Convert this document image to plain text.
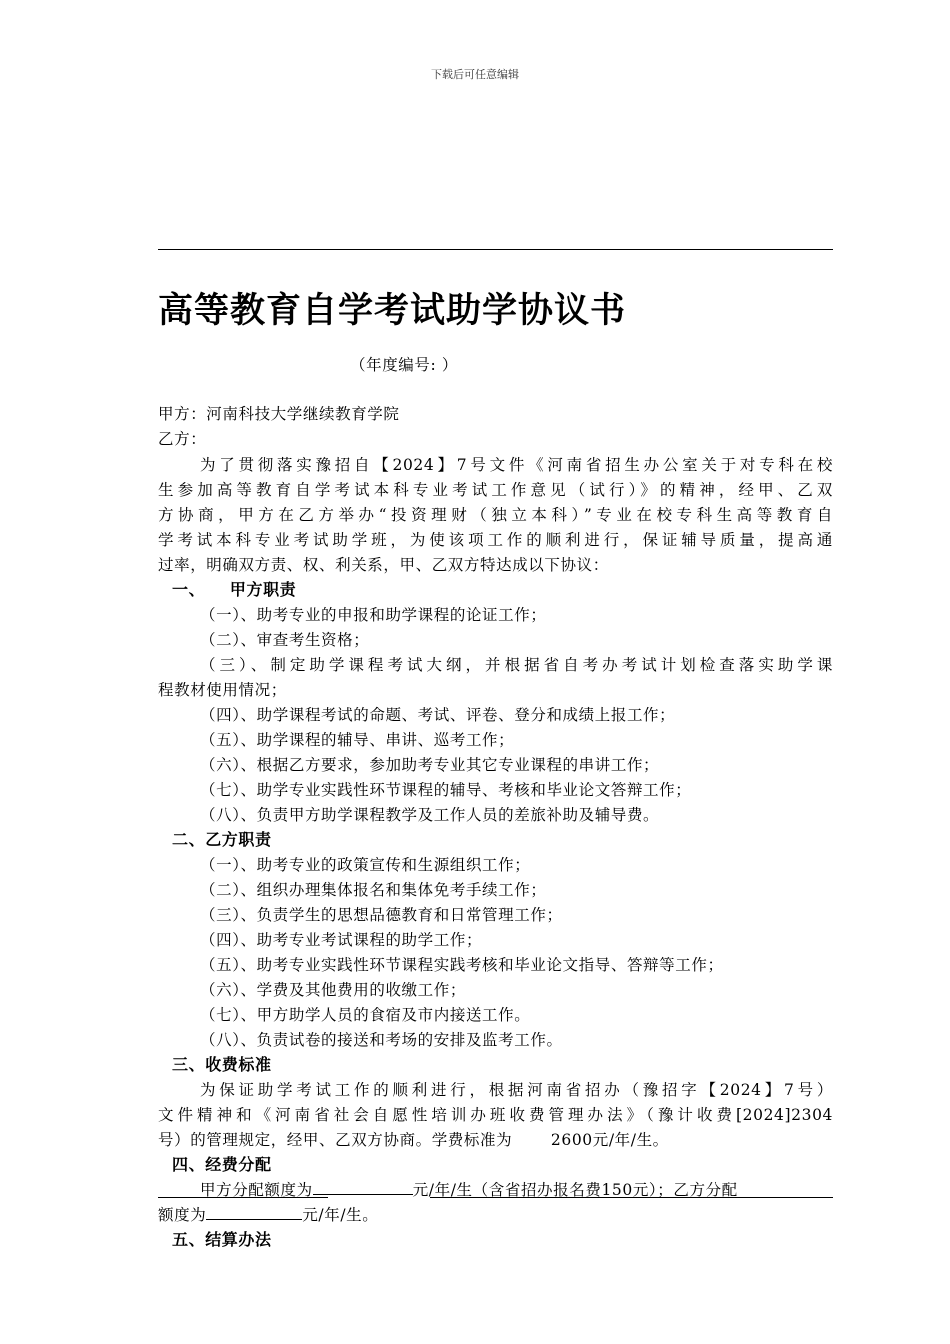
下载后可任意编辑
高等教育自学考试助学协议书
（年度编号: ）
甲方：河南科技大学继续教育学院
乙方：
为了贯彻落实豫招自【2024】7号文件《河南省招生办公室关于对专科在校
生参加高等教育自学考试本科专业考试工作意见（试行）》的精神，经甲、乙双
方协商，甲方在乙方举办“投资理财（独立本科）”专业在校专科生高等教育自
学考试本科专业考试助学班，为使该项工作的顺利进行，保证辅导质量，提高通
过率，明确双方责、权、利关系，甲、乙双方特达成以下协议：
一、    甲方职责
（一）、助考专业的申报和助学课程的论证工作；
（二）、审查考生资格；
（三）、制定助学课程考试大纲，并根据省自考办考试计划检查落实助学课
程教材使用情况；
（四）、助学课程考试的命题、考试、评卷、登分和成绩上报工作；
（五）、助学课程的辅导、串讲、巡考工作；
（六）、根据乙方要求，参加助考专业其它专业课程的串讲工作；
（七）、助学专业实践性环节课程的辅导、考核和毕业论文答辩工作；
（八）、负责甲方助学课程教学及工作人员的差旅补助及辅导费。
二、乙方职责
（一）、助考专业的政策宣传和生源组织工作；
（二）、组织办理集体报名和集体免考手续工作；
（三）、负责学生的思想品德教育和日常管理工作；
（四）、助考专业考试课程的助学工作；
（五）、助考专业实践性环节课程实践考核和毕业论文指导、答辩等工作；
（六）、学费及其他费用的收缴工作；
（七）、甲方助学人员的食宿及市内接送工作。
（八）、负责试卷的接送和考场的安排及监考工作。
三、收费标准
为保证助学考试工作的顺利进行，根据河南省招办（豫招字【2024】7号）
文件精神和《河南省社会自愿性培训办班收费管理办法》（豫计收费[2024]2304
号）的管理规定，经甲、乙双方协商。学费标准为       2600元/年/生。
四、经费分配
甲方分配额度为	元/年/生（含省招办报名费150元）；乙方分配
额度为	元/年/生。
五、结算办法
